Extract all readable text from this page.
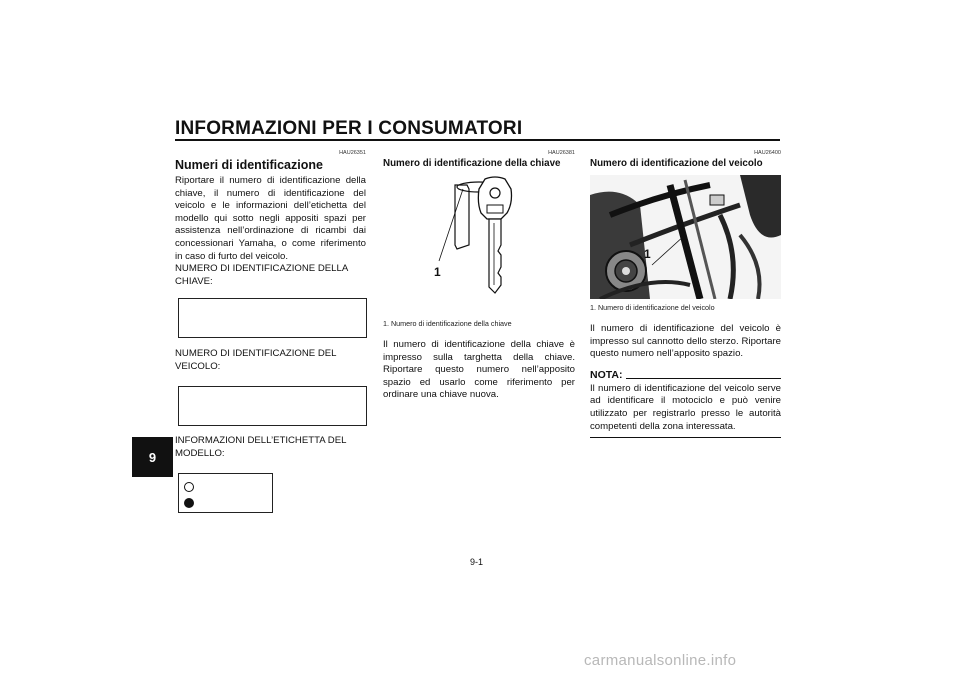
INFORMAZIONI PER I CONSUMATORI
9
HAU26351
Numeri di identificazione

Riportare il numero di identificazione della chiave, il numero di identificazione del veicolo e le informazioni dell’etichetta del modello qui sotto negli appositi spazi per assistenza nell’ordinazione di ricambi dai concessionari Yamaha, o come riferimento in caso di furto del veicolo.

NUMERO DI IDENTIFICAZIONE DELLA CHIAVE:

NUMERO DI IDENTIFICAZIONE DEL VEICOLO:

INFORMAZIONI DELL’ETICHETTA DEL MODELLO:

HAU26381
Numero di identificazione della chiave
1
1. Numero di identificazione della chiave

Il numero di identificazione della chiave è impresso sulla targhetta della chiave. Riportare questo numero nell’apposito spazio ed usarlo come riferimento per ordinare una chiave nuova.

HAU26400
Numero di identificazione del veicolo
1
1. Numero di identificazione del veicolo

Il numero di identificazione del veicolo è impresso sul cannotto dello sterzo. Riportare questo numero nell’apposito spazio.

NOTA:

Il numero di identificazione del veicolo serve ad identificare il motociclo e può venire utilizzato per registrarlo presso le autorità competenti della zona interessata.

9-1
carmanualsonline.info
